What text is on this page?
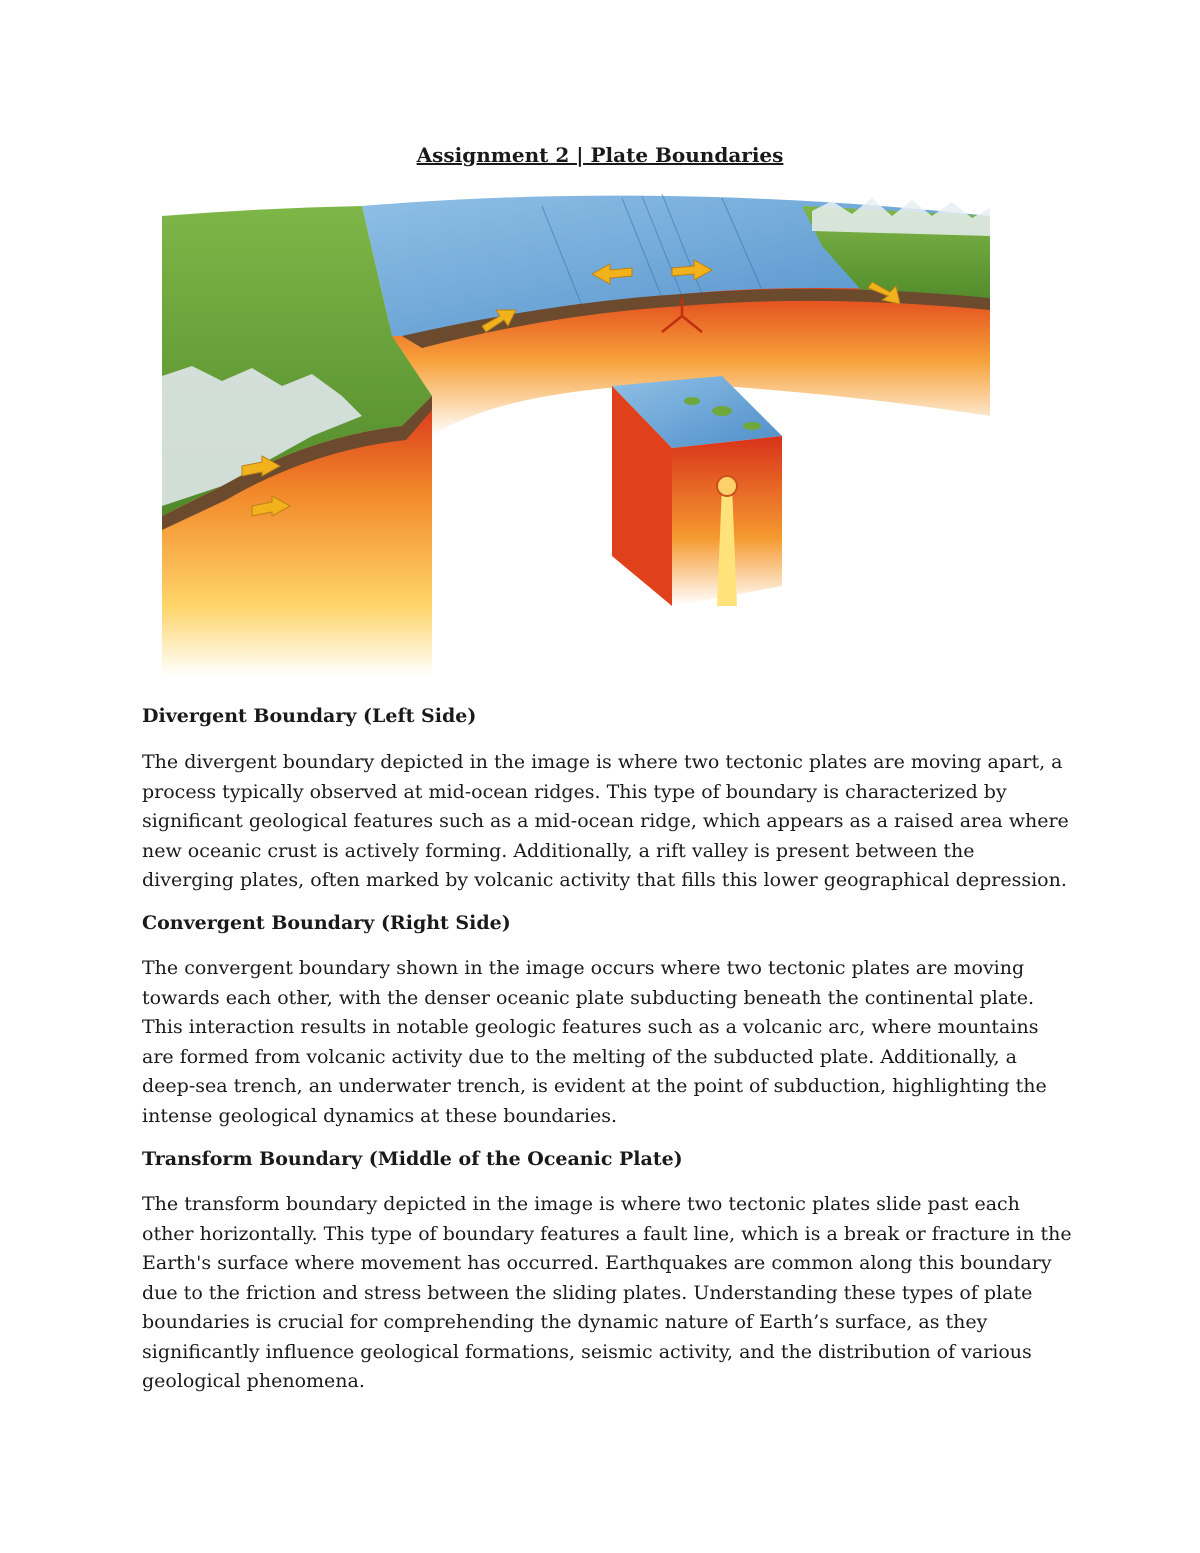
Assignment 2 | Plate Boundaries
Divergent Boundary (Left Side)
The divergent boundary depicted in the image is where two tectonic plates are moving apart, a process typically observed at mid-ocean ridges. This type of boundary is characterized by significant geological features such as a mid-ocean ridge, which appears as a raised area where new oceanic crust is actively forming. Additionally, a rift valley is present between the diverging plates, often marked by volcanic activity that fills this lower geographical depression.
Convergent Boundary (Right Side)
The convergent boundary shown in the image occurs where two tectonic plates are moving towards each other, with the denser oceanic plate subducting beneath the continental plate. This interaction results in notable geologic features such as a volcanic arc, where mountains are formed from volcanic activity due to the melting of the subducted plate. Additionally, a deep-sea trench, an underwater trench, is evident at the point of subduction, highlighting the intense geological dynamics at these boundaries.
Transform Boundary (Middle of the Oceanic Plate)
The transform boundary depicted in the image is where two tectonic plates slide past each other horizontally. This type of boundary features a fault line, which is a break or fracture in the Earth's surface where movement has occurred. Earthquakes are common along this boundary due to the friction and stress between the sliding plates. Understanding these types of plate boundaries is crucial for comprehending the dynamic nature of Earth’s surface, as they significantly influence geological formations, seismic activity, and the distribution of various geological phenomena.
